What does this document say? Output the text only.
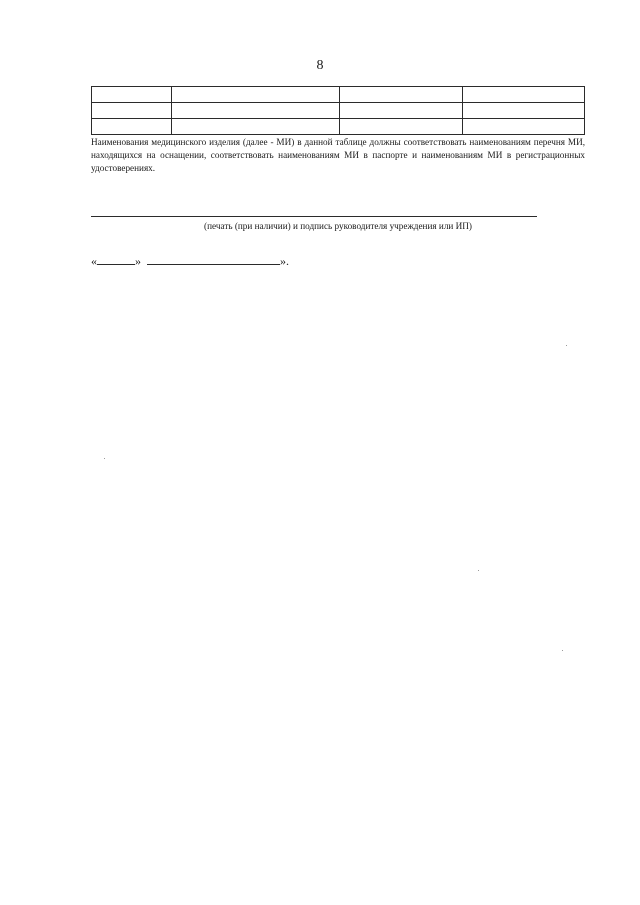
8

Наименования медицинского изделия (далее - МИ) в данной таблице должны соответствовать наименованиям перечня МИ, находящихся на оснащении, соответствовать наименованиям МИ в паспорте и наименованиям МИ в регистрационных удостоверениях.
(печать (при наличии) и подпись руководителя учреждения или ИП)
«	»	».
